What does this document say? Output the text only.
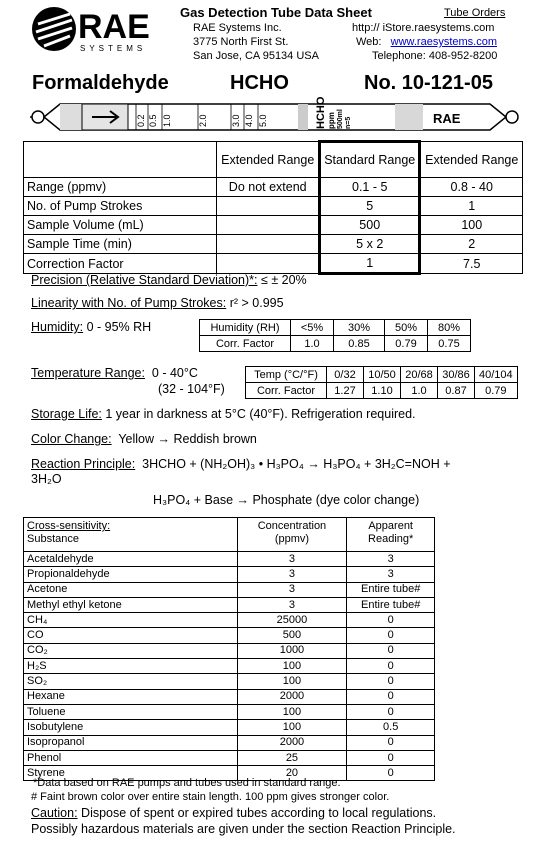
RAE
SYSTEMS
Gas Detection Tube Data Sheet
RAE Systems Inc.
3775 North First St.
San Jose, CA 95134 USA
Tube Orders
http:// iStore.raesystems.com
Web: www.raesystems.com
Telephone: 408-952-8200
Formaldehyde	HCHO	No. 10-121-05
0.2 0.5 1.0	2.0	3.0 4.0 5.0	HCHO ppm 500ml n=5	RAE
	Extended Range	Standard Range	Extended Range
Range (ppmv)	Do not extend	0.1 - 5	0.8 - 40
No. of Pump Strokes		5	1
Sample Volume (mL)		500	100
Sample Time (min)		5 x 2	2
Correction Factor		1	7.5
Precision (Relative Standard Deviation)*: ≤ ± 20%
Linearity with No. of Pump Strokes: r² > 0.995
Humidity: 0 - 95% RH	Humidity (RH)	<5%	30%	50%	80%
Corr. Factor	1.0	0.85	0.79	0.75
Temperature Range: 0 - 40°C
(32 - 104°F)
Temp (°C/°F)	0/32	10/50	20/68	30/86	40/104
Corr. Factor	1.27	1.10	1.0	0.87	0.79
Storage Life: 1 year in darkness at 5°C (40°F). Refrigeration required.
Color Change: Yellow → Reddish brown
Reaction Principle: 3HCHO + (NH₂OH)₃ • H₃PO₄ → H₃PO₄ + 3H₂C=NOH +
3H₂O
H₃PO₄ + Base → Phosphate (dye color change)
Cross-sensitivity:
Substance	Concentration (ppmv)	Apparent Reading*
Acetaldehyde	3	3
Propionaldehyde	3	3
Acetone	3	Entire tube#
Methyl ethyl ketone	3	Entire tube#
CH₄	25000	0
CO	500	0
CO₂	1000	0
H₂S	100	0
SO₂	100	0
Hexane	2000	0
Toluene	100	0
Isobutylene	100	0.5
Isopropanol	2000	0
Phenol	25	0
Styrene	20	0
*Data based on RAE pumps and tubes used in standard range.
# Faint brown color over entire stain length. 100 ppm gives stronger color.
Caution: Dispose of spent or expired tubes according to local regulations.
Possibly hazardous materials are given under the section Reaction Principle.
